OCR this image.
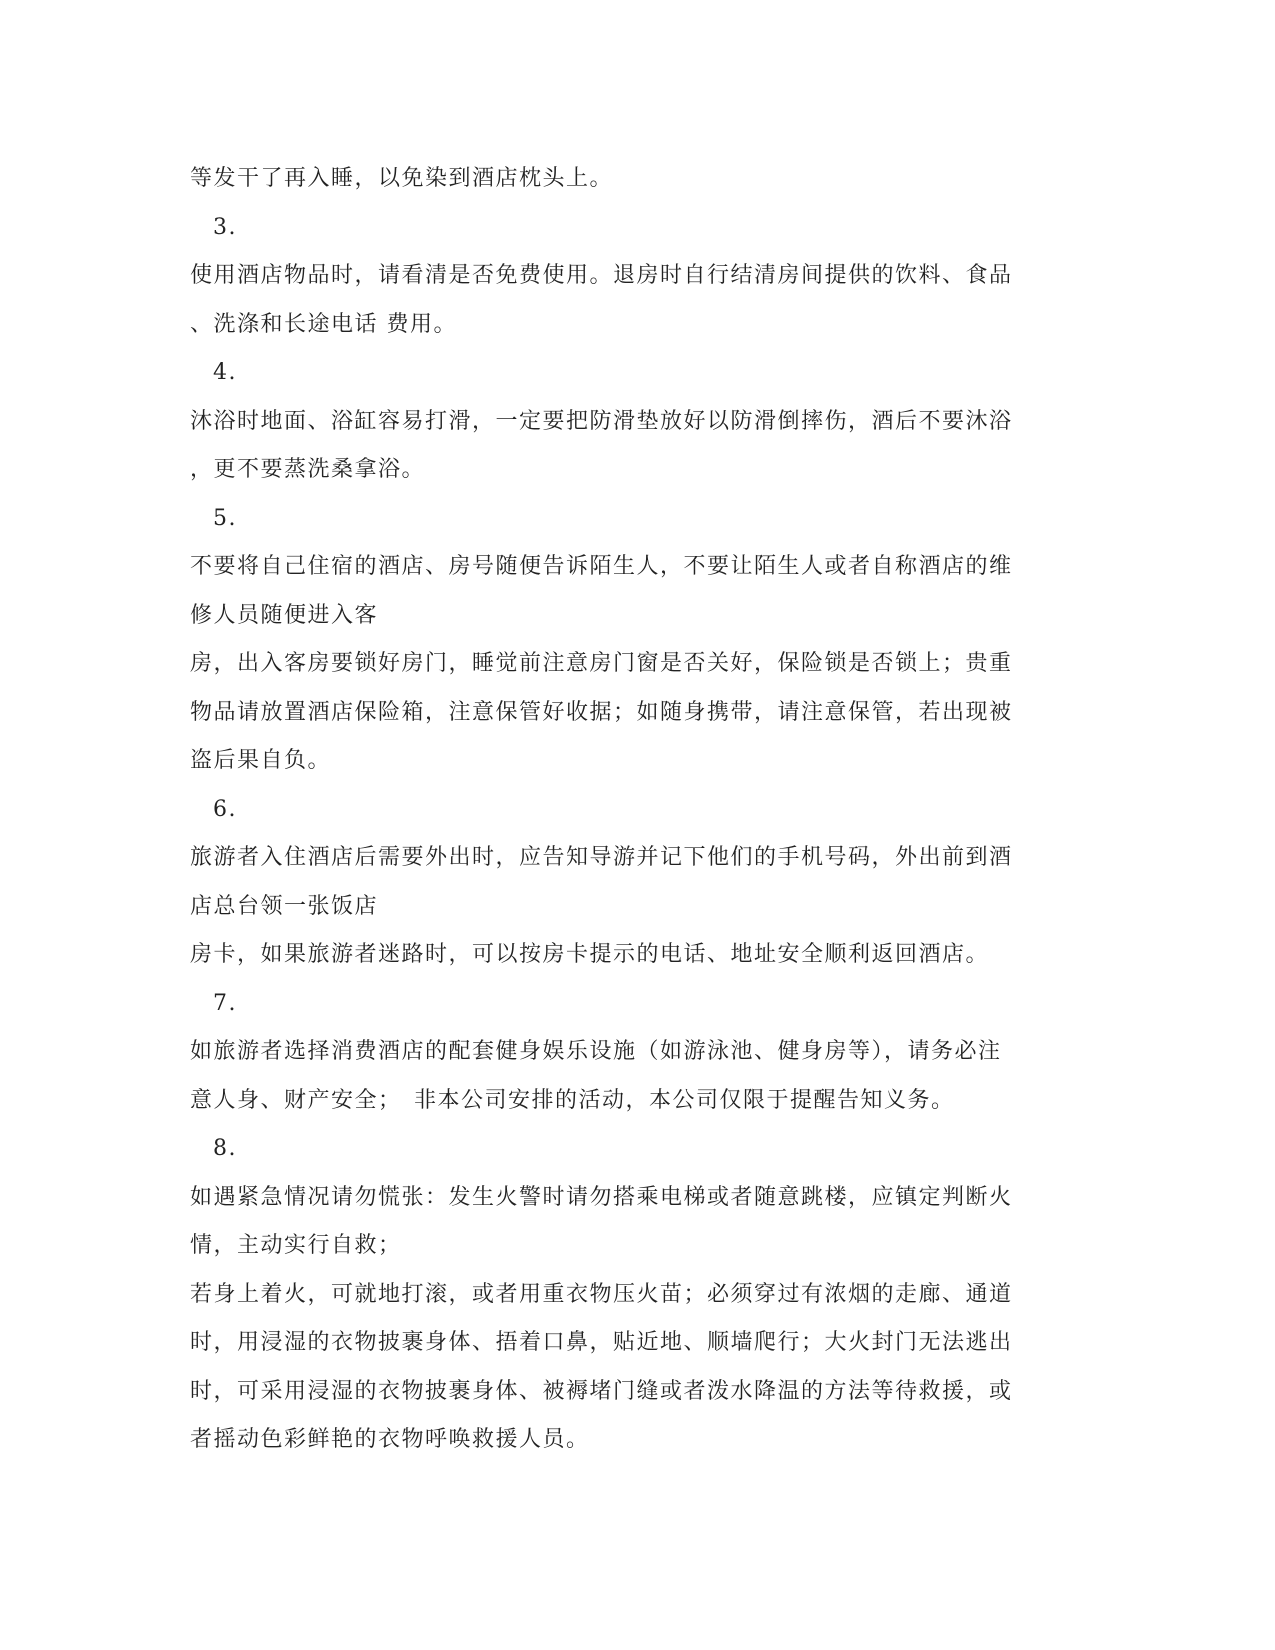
等发干了再入睡，以免染到酒店枕头上。

3.

使用酒店物品时，请看清是否免费使用。退房时自行结清房间提供的饮料、食品

、洗涤和长途电话 费用。

4.

沐浴时地面、浴缸容易打滑，一定要把防滑垫放好以防滑倒摔伤，酒后不要沐浴

，更不要蒸洗桑拿浴。

5.

不要将自己住宿的酒店、房号随便告诉陌生人，不要让陌生人或者自称酒店的维

修人员随便进入客

房，出入客房要锁好房门，睡觉前注意房门窗是否关好，保险锁是否锁上；贵重

物品请放置酒店保险箱，注意保管好收据；如随身携带，请注意保管，若出现被

盗后果自负。

6.

旅游者入住酒店后需要外出时，应告知导游并记下他们的手机号码，外出前到酒

店总台领一张饭店

房卡，如果旅游者迷路时，可以按房卡提示的电话、地址安全顺利返回酒店。

7.

如旅游者选择消费酒店的配套健身娱乐设施（如游泳池、健身房等），请务必注

意人身、财产安全；　非本公司安排的活动，本公司仅限于提醒告知义务。

8.

如遇紧急情况请勿慌张：发生火警时请勿搭乘电梯或者随意跳楼，应镇定判断火

情，主动实行自救；

若身上着火，可就地打滚，或者用重衣物压火苗；必须穿过有浓烟的走廊、通道

时，用浸湿的衣物披裹身体、捂着口鼻，贴近地、顺墙爬行；大火封门无法逃出

时，可采用浸湿的衣物披裹身体、被褥堵门缝或者泼水降温的方法等待救援，或

者摇动色彩鲜艳的衣物呼唤救援人员。
